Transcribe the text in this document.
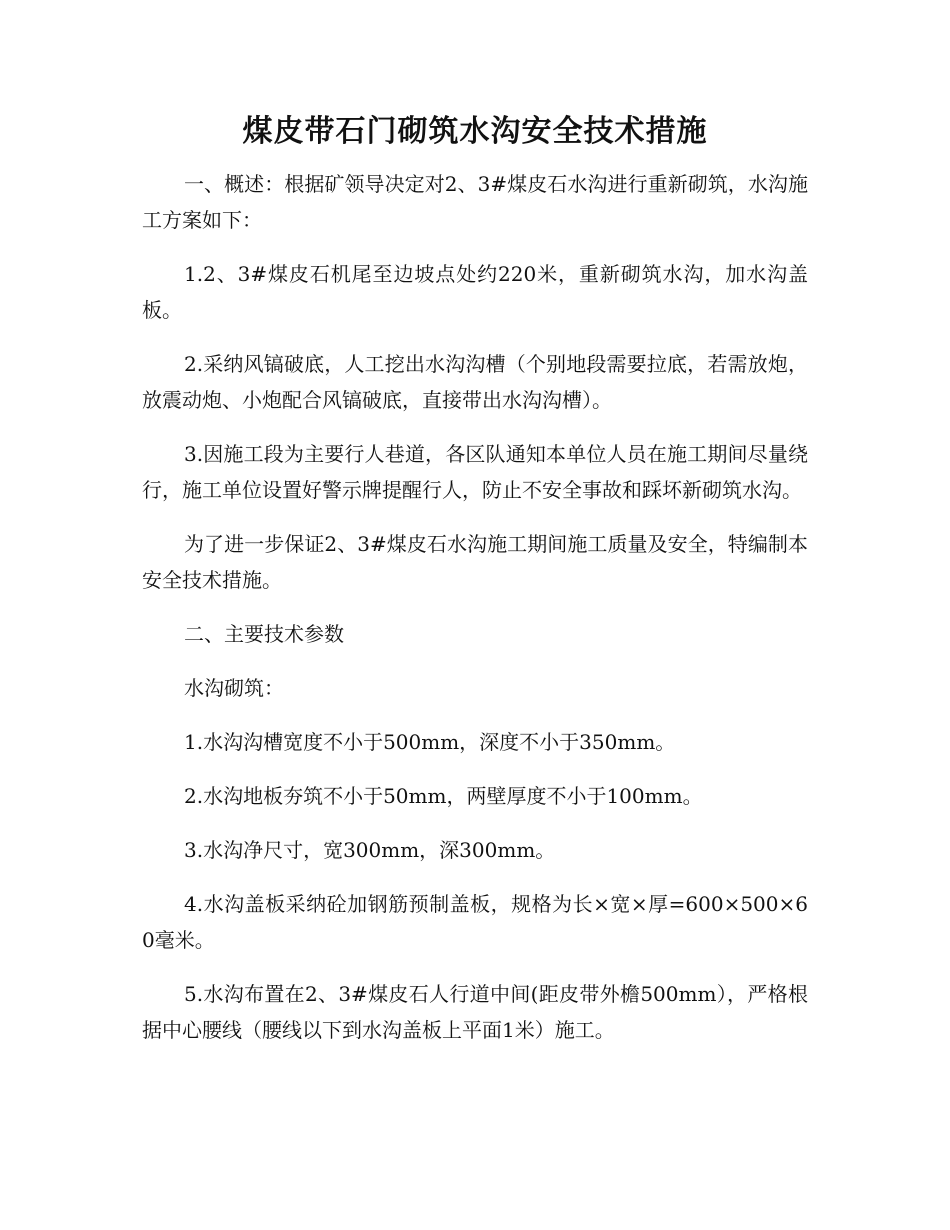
煤皮带石门砌筑水沟安全技术措施

一、概述：根据矿领导决定对2、3#煤皮石水沟进行重新砌筑，水沟施工方案如下：

1.2、3#煤皮石机尾至边坡点处约220米，重新砌筑水沟，加水沟盖板。

2.采纳风镐破底，人工挖出水沟沟槽（个别地段需要拉底，若需放炮，放震动炮、小炮配合风镐破底，直接带出水沟沟槽）。

3.因施工段为主要行人巷道，各区队通知本单位人员在施工期间尽量绕行，施工单位设置好警示牌提醒行人，防止不安全事故和踩坏新砌筑水沟。

为了进一步保证2、3#煤皮石水沟施工期间施工质量及安全，特编制本安全技术措施。

二、主要技术参数

水沟砌筑：

1.水沟沟槽宽度不小于500mm，深度不小于350mm。

2.水沟地板夯筑不小于50mm，两壁厚度不小于100mm。

3.水沟净尺寸，宽300mm，深300mm。

4.水沟盖板采纳砼加钢筋预制盖板，规格为长×宽×厚=600×500×60毫米。

5.水沟布置在2、3#煤皮石人行道中间(距皮带外檐500mm），严格根据中心腰线（腰线以下到水沟盖板上平面1米）施工。
